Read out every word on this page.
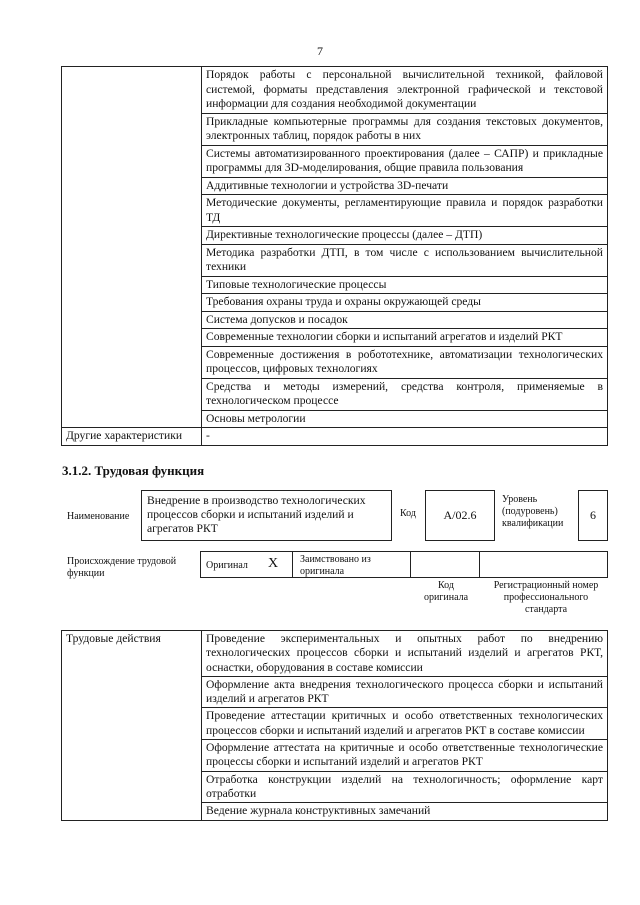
7
	Порядок работы с персональной вычислительной техникой, файловой системой, форматы представления электронной графической и текстовой информации для создания необходимой документации
	Прикладные компьютерные программы для создания текстовых документов, электронных таблиц, порядок работы в них
	Системы автоматизированного проектирования (далее – САПР) и прикладные программы для 3D-моделирования, общие правила пользования
	Аддитивные технологии и устройства 3D-печати
	Методические документы, регламентирующие правила и порядок разработки ТД
	Директивные технологические процессы (далее – ДТП)
	Методика разработки ДТП, в том числе с использованием вычислительной техники
	Типовые технологические процессы
	Требования охраны труда и охраны окружающей среды
	Система допусков и посадок
	Современные технологии сборки и испытаний агрегатов и изделий РКТ
	Современные достижения в робототехнике, автоматизации технологических процессов, цифровых технологиях
	Средства и методы измерений, средства контроля, применяемые в технологическом процессе
	Основы метрологии
Другие характеристики	-
3.1.2. Трудовая функция
Наименование
Внедрение в производство технологических процессов сборки и испытаний изделий и агрегатов РКТ
Код A/02.6
Уровень (подуровень) квалификации
6
Происхождение трудовой функции
Оригинал X Заимствовано из оригинала
Код оригинала
Регистрационный номер профессионального стандарта
Трудовые действия	Проведение экспериментальных и опытных работ по внедрению технологических процессов сборки и испытаний изделий и агрегатов РКТ, оснастки, оборудования в составе комиссии
Оформление акта внедрения технологического процесса сборки и испытаний изделий и агрегатов РКТ
Проведение аттестации критичных и особо ответственных технологических процессов сборки и испытаний изделий и агрегатов РКТ в составе комиссии
Оформление аттестата на критичные и особо ответственные технологические процессы сборки и испытаний изделий и агрегатов РКТ
Отработка конструкции изделий на технологичность; оформление карт отработки
Ведение журнала конструктивных замечаний
